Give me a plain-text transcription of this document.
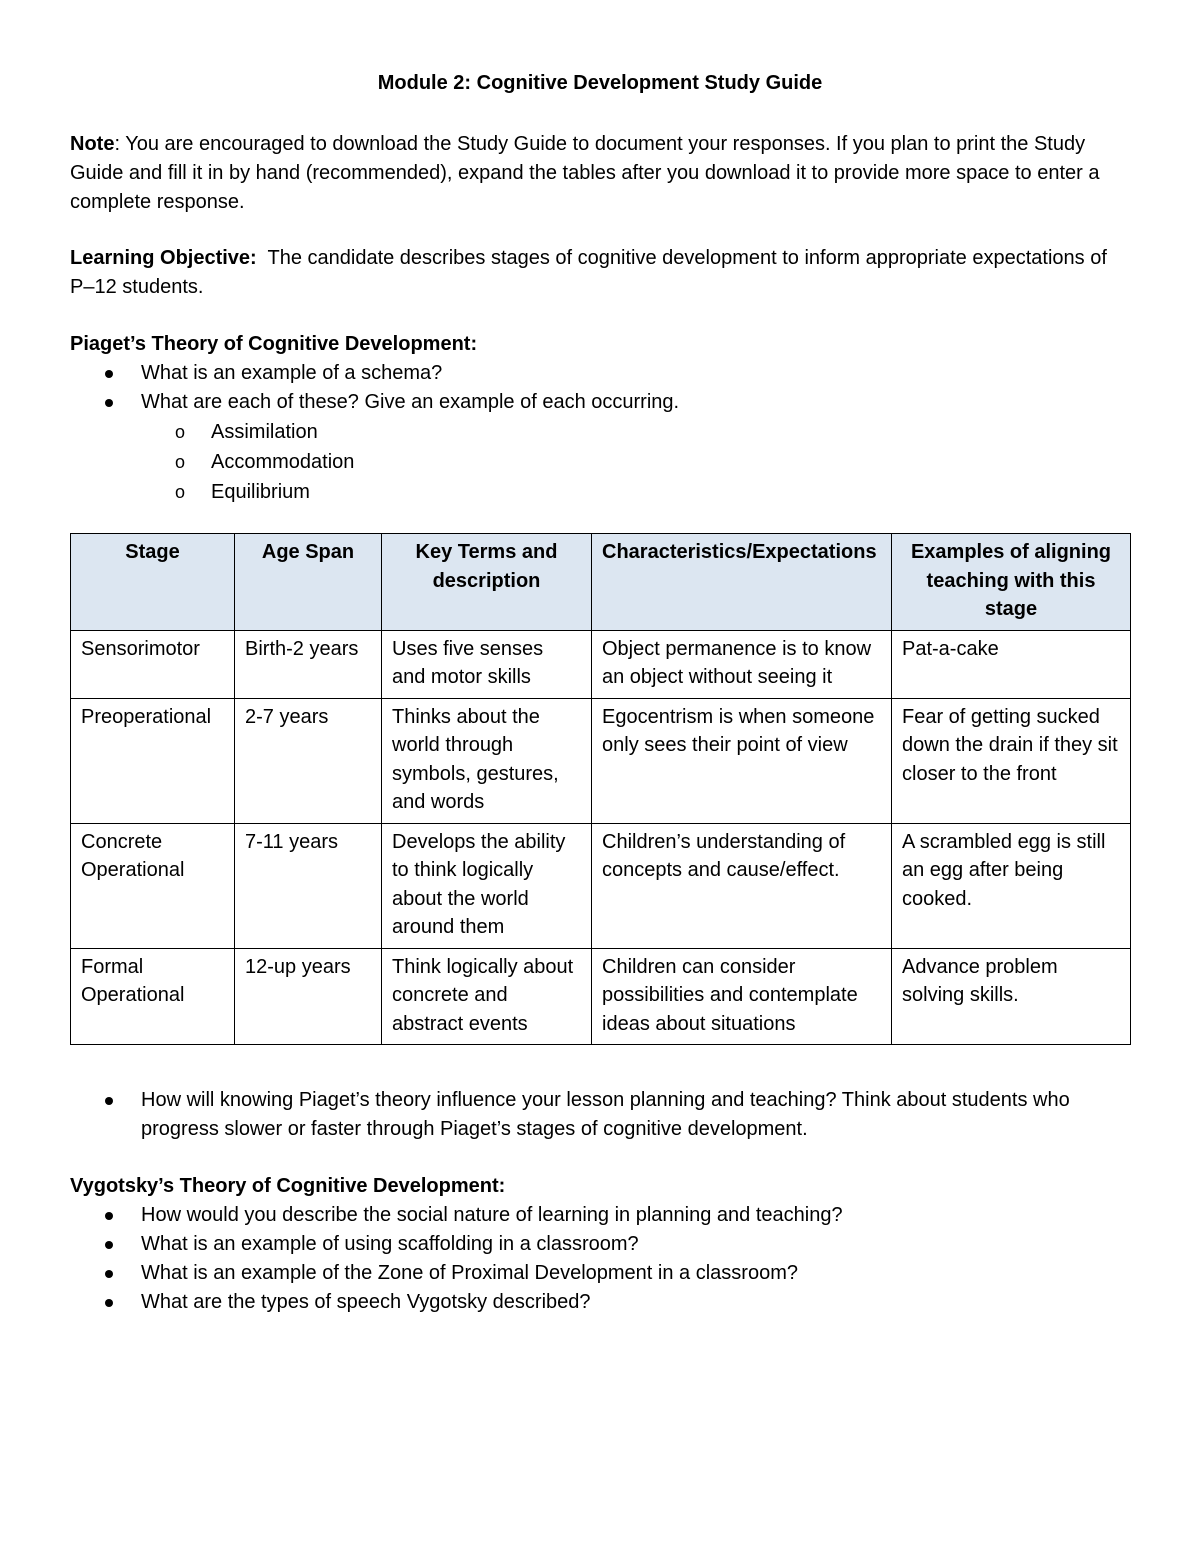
Module 2: Cognitive Development Study Guide
Note: You are encouraged to download the Study Guide to document your responses. If you plan to print the Study Guide and fill it in by hand (recommended), expand the tables after you download it to provide more space to enter a complete response.
Learning Objective: The candidate describes stages of cognitive development to inform appropriate expectations of P–12 students.
Piaget’s Theory of Cognitive Development:
What is an example of a schema?
What are each of these? Give an example of each occurring.
o Assimilation
o Accommodation
o Equilibrium
Stage	Age Span	Key Terms and description	Characteristics/Expectations	Examples of aligning teaching with this stage
Sensorimotor	Birth-2 years	Uses five senses and motor skills	Object permanence is to know an object without seeing it	Pat-a-cake
Preoperational	2-7 years	Thinks about the world through symbols, gestures, and words	Egocentrism is when someone only sees their point of view	Fear of getting sucked down the drain if they sit closer to the front
Concrete Operational	7-11 years	Develops the ability to think logically about the world around them	Children’s understanding of concepts and cause/effect.	A scrambled egg is still an egg after being cooked.
Formal Operational	12-up years	Think logically about concrete and abstract events	Children can consider possibilities and contemplate ideas about situations	Advance problem solving skills.
How will knowing Piaget’s theory influence your lesson planning and teaching? Think about students who progress slower or faster through Piaget’s stages of cognitive development.
Vygotsky’s Theory of Cognitive Development:
How would you describe the social nature of learning in planning and teaching?
What is an example of using scaffolding in a classroom?
What is an example of the Zone of Proximal Development in a classroom?
What are the types of speech Vygotsky described?
